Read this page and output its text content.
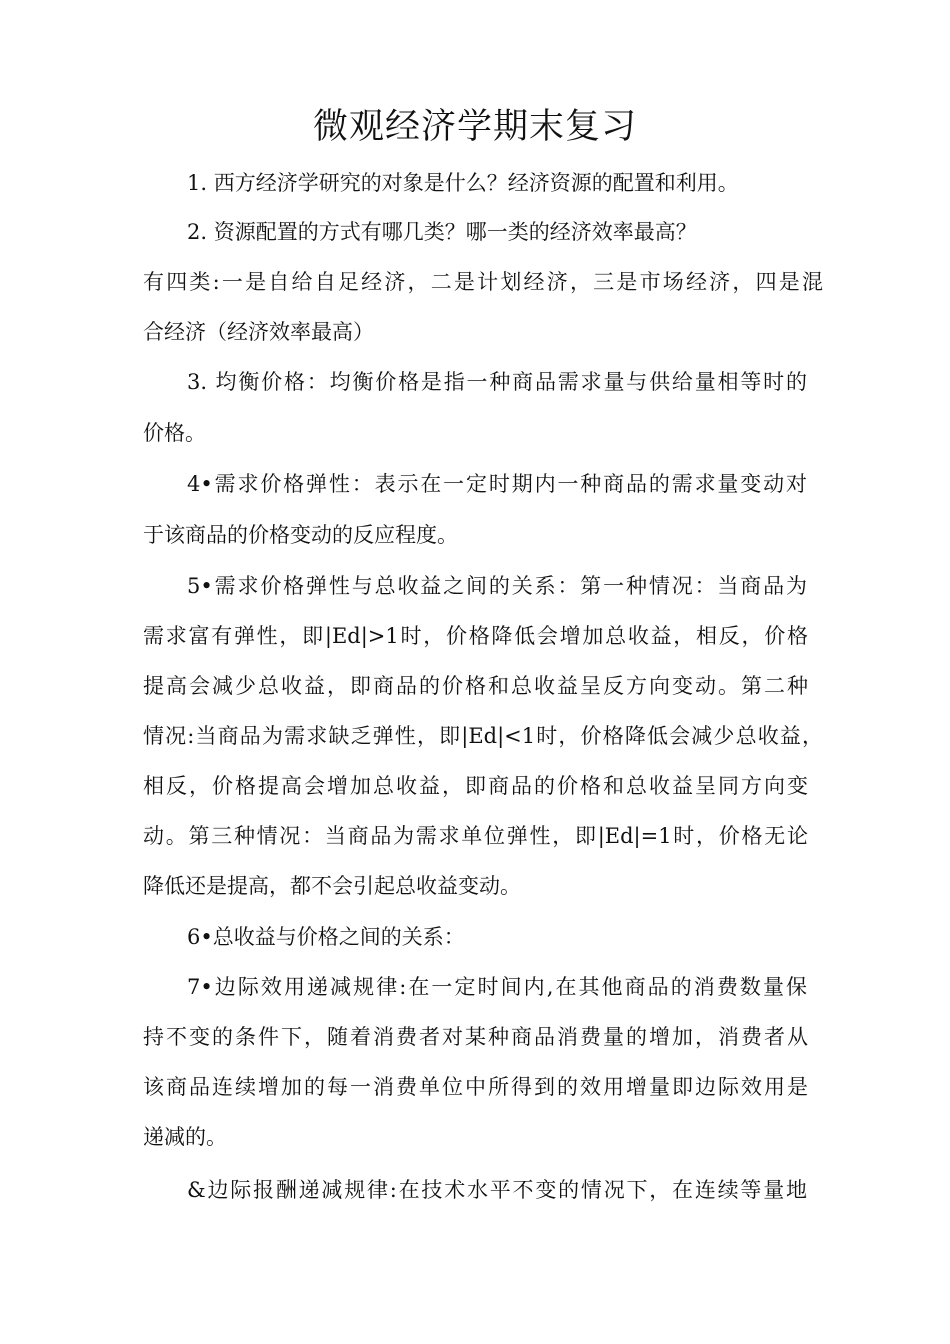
微观经济学期末复习
1. 西方经济学研究的对象是什么？经济资源的配置和利用。
2. 资源配置的方式有哪几类？哪一类的经济效率最高？
有四类:一是自给自足经济，二是计划经济，三是市场经济，四是混
合经济（经济效率最高）
3. 均衡价格：均衡价格是指一种商品需求量与供给量相等时的
价格。
4•需求价格弹性：表示在一定时期内一种商品的需求量变动对
于该商品的价格变动的反应程度。
5•需求价格弹性与总收益之间的关系：第一种情况：当商品为
需求富有弹性，即|Ed|>1时，价格降低会增加总收益，相反，价格
提高会减少总收益，即商品的价格和总收益呈反方向变动。第二种
情况:当商品为需求缺乏弹性，即|Ed|<1时，价格降低会减少总收益，
相反，价格提高会增加总收益，即商品的价格和总收益呈同方向变
动。第三种情况：当商品为需求单位弹性，即|Ed|=1时，价格无论
降低还是提高，都不会引起总收益变动。
6•总收益与价格之间的关系：
7•边际效用递减规律:在一定时间内,在其他商品的消费数量保
持不变的条件下，随着消费者对某种商品消费量的增加，消费者从
该商品连续增加的每一消费单位中所得到的效用增量即边际效用是
递减的。
&边际报酬递减规律:在技术水平不变的情况下，在连续等量地
